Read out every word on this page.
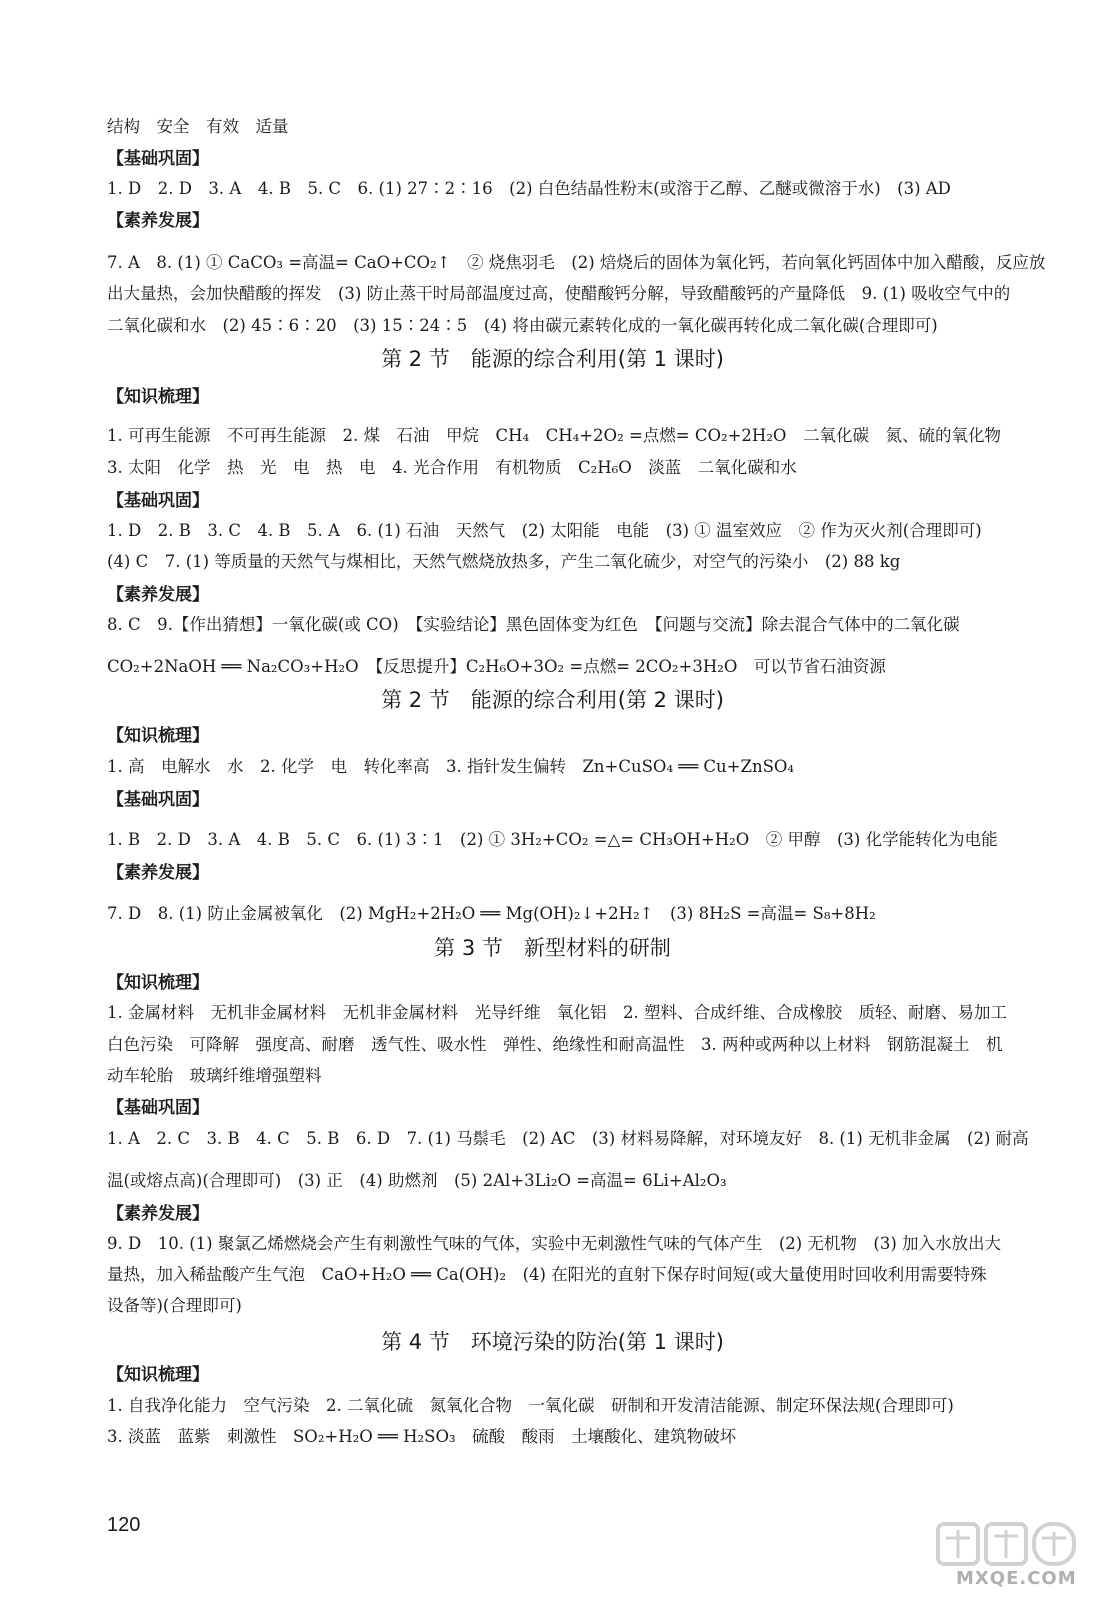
结构　安全　有效　适量
【基础巩固】
1. D　2. D　3. A　4. B　5. C　6. (1) 27∶2∶16　(2) 白色结晶性粉末(或溶于乙醇、乙醚或微溶于水)　(3) AD
【素养发展】
7. A　8. (1) ① CaCO₃ =高温= CaO+CO₂↑　② 烧焦羽毛　(2) 焙烧后的固体为氧化钙，若向氧化钙固体中加入醋酸，反应放
出大量热，会加快醋酸的挥发　(3) 防止蒸干时局部温度过高，使醋酸钙分解，导致醋酸钙的产量降低　9. (1) 吸收空气中的
二氧化碳和水　(2) 45∶6∶20　(3) 15∶24∶5　(4) 将由碳元素转化成的一氧化碳再转化成二氧化碳(合理即可)
第 2 节　能源的综合利用(第 1 课时)
【知识梳理】
1. 可再生能源　不可再生能源　2. 煤　石油　甲烷　CH₄　CH₄+2O₂ =点燃= CO₂+2H₂O　二氧化碳　氮、硫的氧化物
3. 太阳　化学　热　光　电　热　电　4. 光合作用　有机物质　C₂H₆O　淡蓝　二氧化碳和水
【基础巩固】
1. D　2. B　3. C　4. B　5. A　6. (1) 石油　天然气　(2) 太阳能　电能　(3) ① 温室效应　② 作为灭火剂(合理即可)
(4) C　7. (1) 等质量的天然气与煤相比，天然气燃烧放热多，产生二氧化硫少，对空气的污染小　(2) 88 kg
【素养发展】
8. C　9.【作出猜想】一氧化碳(或 CO)　【实验结论】黑色固体变为红色　【问题与交流】除去混合气体中的二氧化碳
CO₂+2NaOH ══ Na₂CO₃+H₂O　【反思提升】C₂H₆O+3O₂ =点燃= 2CO₂+3H₂O　可以节省石油资源
第 2 节　能源的综合利用(第 2 课时)
【知识梳理】
1. 高　电解水　水　2. 化学　电　转化率高　3. 指针发生偏转　Zn+CuSO₄ ══ Cu+ZnSO₄
【基础巩固】
1. B　2. D　3. A　4. B　5. C　6. (1) 3∶1　(2) ① 3H₂+CO₂ =△= CH₃OH+H₂O　② 甲醇　(3) 化学能转化为电能
【素养发展】
7. D　8. (1) 防止金属被氧化　(2) MgH₂+2H₂O ══ Mg(OH)₂↓+2H₂↑　(3) 8H₂S =高温= S₈+8H₂
第 3 节　新型材料的研制
【知识梳理】
1. 金属材料　无机非金属材料　无机非金属材料　光导纤维　氧化铝　2. 塑料、合成纤维、合成橡胶　质轻、耐磨、易加工
白色污染　可降解　强度高、耐磨　透气性、吸水性　弹性、绝缘性和耐高温性　3. 两种或两种以上材料　钢筋混凝土　机
动车轮胎　玻璃纤维增强塑料
【基础巩固】
1. A　2. C　3. B　4. C　5. B　6. D　7. (1) 马鬃毛　(2) AC　(3) 材料易降解，对环境友好　8. (1) 无机非金属　(2) 耐高
温(或熔点高)(合理即可)　(3) 正　(4) 助燃剂　(5) 2Al+3Li₂O =高温= 6Li+Al₂O₃
【素养发展】
9. D　10. (1) 聚氯乙烯燃烧会产生有刺激性气味的气体，实验中无刺激性气味的气体产生　(2) 无机物　(3) 加入水放出大
量热，加入稀盐酸产生气泡　CaO+H₂O ══ Ca(OH)₂　(4) 在阳光的直射下保存时间短(或大量使用时回收利用需要特殊
设备等)(合理即可)
第 4 节　环境污染的防治(第 1 课时)
【知识梳理】
1. 自我净化能力　空气污染　2. 二氧化硫　氮氧化合物　一氧化碳　研制和开发清洁能源、制定环保法规(合理即可)
3. 淡蓝　蓝紫　刺激性　SO₂+H₂O ══ H₂SO₃　硫酸　酸雨　土壤酸化、建筑物破坏
120
MXQE.COM
